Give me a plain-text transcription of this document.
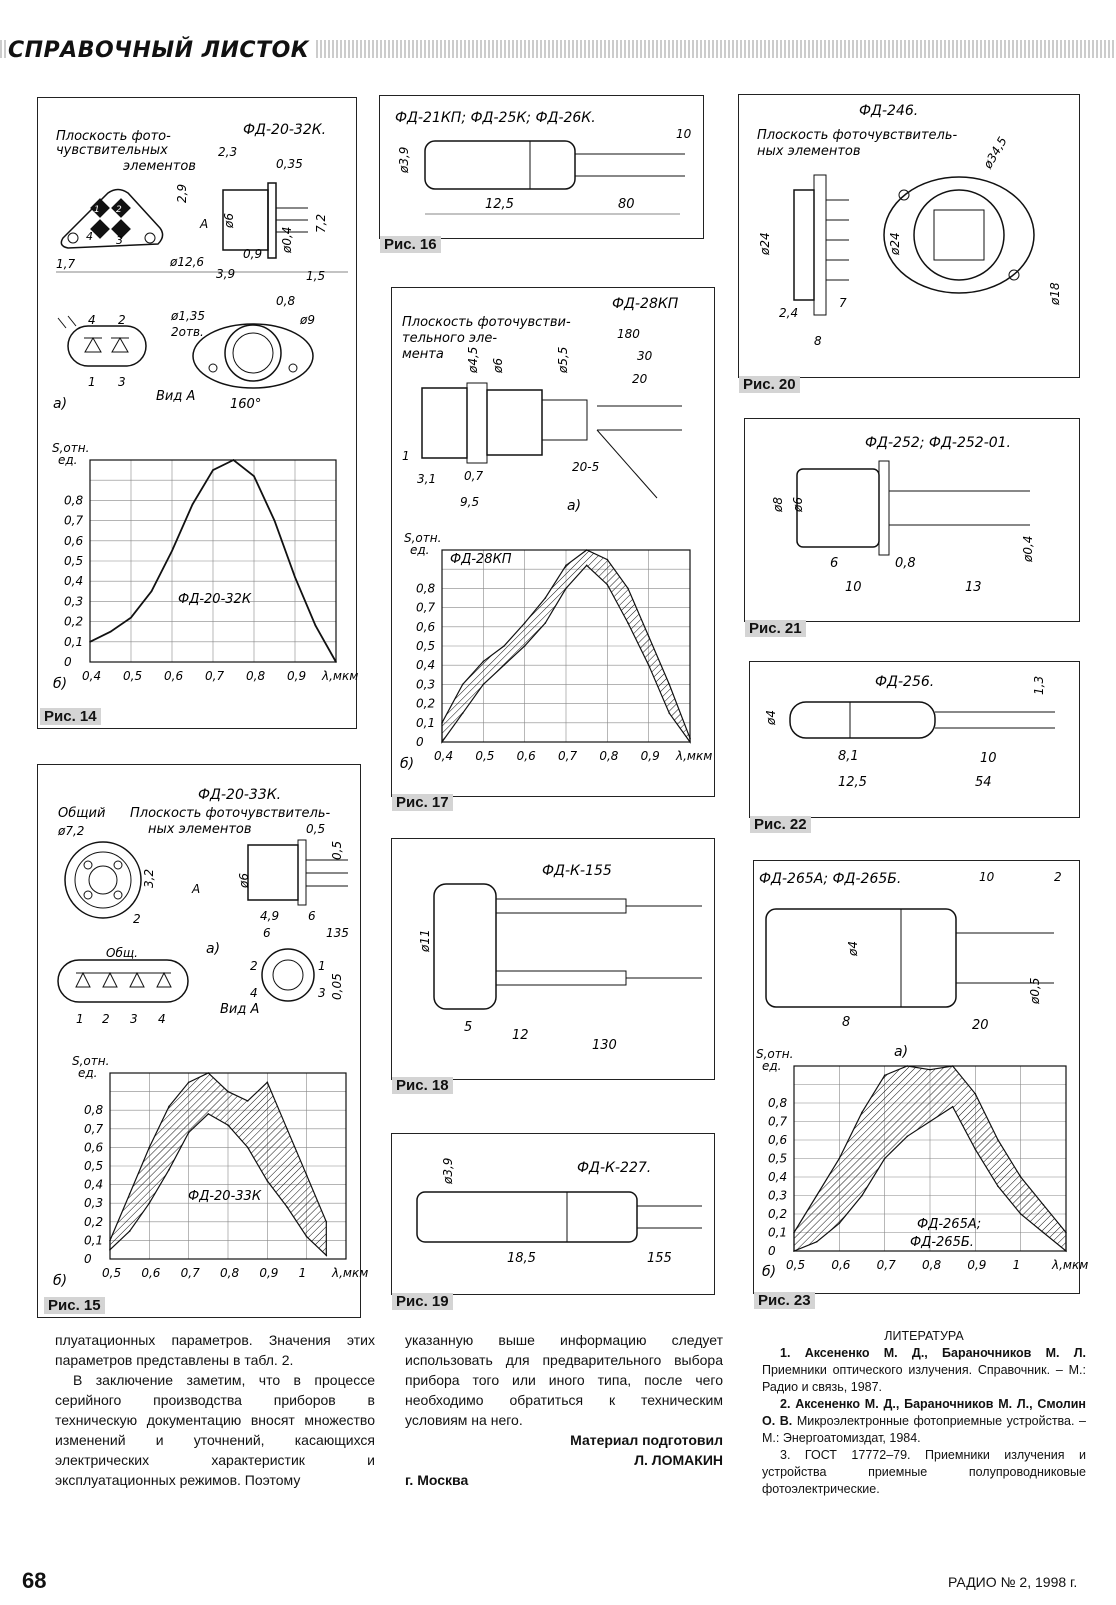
СПРАВОЧНЫЙ ЛИСТОК
ФД-20-32К.
Плоскость фото-
чувствительных
элементов
1 2
4 3
2,3
0,35
2,9
ø6
ø0,4
7,2
А
1,7	ø12,6
0,9
3,9	1,5
4 2
1 3
а)
0,8
ø1,35
2отв.
ø9
Вид А
160°
0
0,1
0,2
0,3
0,4
0,5
0,6
0,7
0,8
0,4 0,5 0,6 0,7 0,8 0,9 λ,мкм
S,отн.
ед.
ФД-20-32К
б)
Рис. 14
ФД-20-33К.
Общий Плоскость фоточувствитель-
ных элементов
ø7,2
3,2
2
ø6
0,5
0,5
А
4,9 6
6	135
а)
Общ.
1 2 3 4
2
4
1
3 0,05
Вид А
0
0,1
0,2
0,3
0,4
0,5
0,6
0,7
0,8
0,5 0,6 0,7 0,8 0,9 1 λ,мкм
S,отн.
ед.
ФД-20-33К
б)
Рис. 15
ФД-21КП; ФД-25К; ФД-26К.
ø3,9
10
12,5	80
Рис. 16
ФД-28КП
Плоскость фоточувстви-
тельного эле-
мента
180
ø4,5 ø6	ø5,5	30
20
1
3,1 0,7
9,5
20-5
а)
0
0,1
0,2
0,3
0,4
0,5
0,6
0,7
0,8
0,4 0,5 0,6 0,7 0,8 0,9 λ,мкм
S,отн.
ед.
ФД-28КП
б)
Рис. 17
ФД-К-155
ø11
5
12
130
Рис. 18
ФД-К-227.
ø3,9
18,5	155
Рис. 19
ФД-246.
Плоскость фоточувствитель-
ных элементов
ø24	ø24
2,4
7
8
ø34,5
ø18
Рис. 20
ФД-252; ФД-252-01.
ø8 ø6
6	0,8
ø0,4
10	13
Рис. 21
ФД-256.	1,3
ø4
8,1	10
12,5	54
Рис. 22
ФД-265А; ФД-265Б.	10	2
ø4
ø0,5
8	20
а)
0
0,1
0,2
0,3
0,4
0,5
0,6
0,7
0,8
0,5 0,6 0,7 0,8 0,9 1	λ,мкм
S,отн.
ед.
ФД-265А;
ФД-265Б.
б)
Рис. 23

плуатационных параметров. Значения этих параметров представлены в табл. 2.

В заключение заметим, что в процессе серийного производства приборов в техническую документацию вносят множество изменений и уточнений, касающихся электрических характеристик и эксплуатационных режимов. Поэтому

указанную выше информацию следует использовать для предварительного выбора прибора того или иного типа, после чего необходимо обратиться к техническим условиям на него.

Материал подготовил

Л. ЛОМАКИН

г. Москва

ЛИТЕРАТУРА

1. Аксененко М. Д., Бараночников М. Л. Приемники оптического излучения. Справочник. – М.: Радио и связь, 1987.

2. Аксененко М. Д., Бараночников М. Л., Смолин О. В. Микроэлектронные фотоприемные устройства. – М.: Энергоатомиздат, 1984.

3. ГОСТ 17772–79. Приемники излучения и устройства приемные полупроводниковые фотоэлектрические.

68	РАДИО № 2, 1998 г.
